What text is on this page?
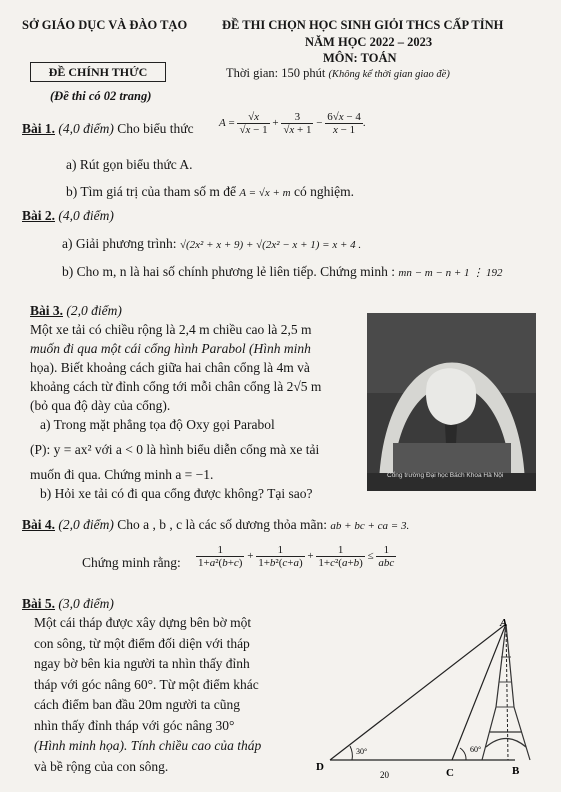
SỞ GIÁO DỤC VÀ ĐÀO TẠO	ĐỀ THI CHỌN HỌC SINH GIỎI THCS CẤP TỈNH
NĂM HỌC 2022 – 2023
MÔN: TOÁN
ĐỀ CHÍNH THỨC	Thời gian: 150 phút (Không kể thời gian giao đề)
(Đề thi có 02 trang)
Bài 1. (4,0 điểm) Cho biểu thức $A = \frac{√x}{√x - 1} + \frac{3}{√x + 1} - \frac{6√x - 4}{x - 1}$ .
a) Rút gọn biểu thức A.
b) Tìm giá trị của tham số m để A = √x + m có nghiệm.
Bài 2. (4,0 điểm)
a) Giải phương trình: √(2x² + x + 9) + √(2x² − x + 1) = x + 4 .
b) Cho m, n là hai số chính phương lẻ liên tiếp. Chứng minh : mn − m − n + 1 ⋮ 192
Bài 3. (2,0 điểm)
Một xe tải có chiều rộng là 2,4 m chiều cao là 2,5 m
muốn đi qua một cái cổng hình Parabol (Hình minh
họa). Biết khoảng cách giữa hai chân cổng là 4m và
khoảng cách từ đỉnh cổng tới mỗi chân cổng là 2√5 m
(bỏ qua độ dày của cổng).
a) Trong mặt phẳng tọa độ Oxy gọi Parabol
(P): y = ax² với a < 0 là hình biểu diễn cổng mà xe tải
muốn đi qua. Chứng minh a = −1.
b) Hỏi xe tải có đi qua cổng được không? Tại sao?
Cổng trường Đại học Bách Khoa Hà Nội
Bài 4. (2,0 điểm) Cho a , b , c là các số dương thỏa mãn: ab + bc + ca = 3.
Chứng minh rằng: $\frac{1}{\text{1+a²(b+c)}} + \frac{1}{\text{1+b²(c+a)}} + \frac{1}{\text{1+c²(a+b)}} \le \frac{1}{\text{abc}}$
Bài 5. (3,0 điểm)
Một cái tháp được xây dựng bên bờ một
con sông, từ một điểm đối diện với tháp
ngay bờ bên kia người ta nhìn thấy đỉnh
tháp với góc nâng 60°. Từ một điểm khác
cách điểm ban đầu 20m người ta cũng
nhìn thấy đỉnh tháp với góc nâng 30°
(Hình minh họa). Tính chiều cao của tháp
và bề rộng của con sông.
A
B
C
D
30°	60°
20
